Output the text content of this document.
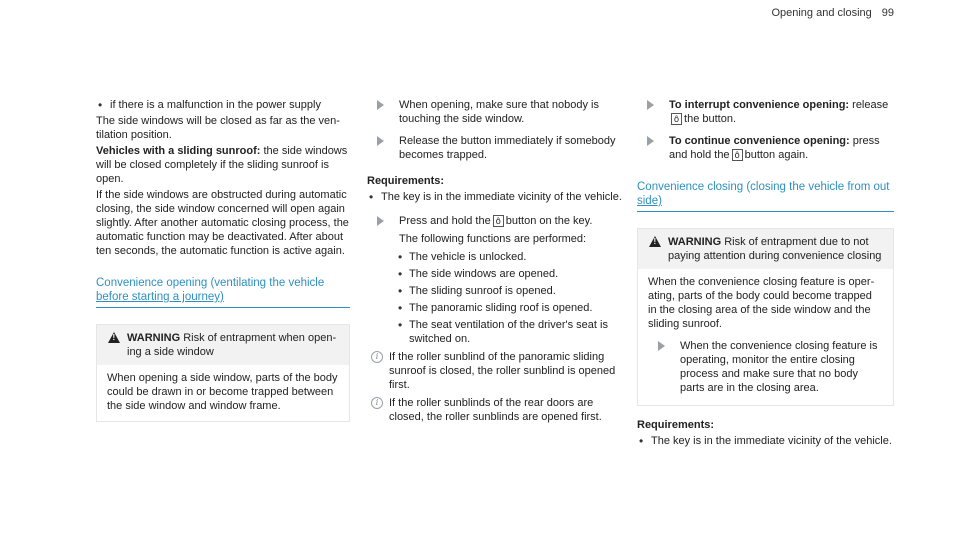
Opening and closing 99
• if there is a malfunction in the power supply

The side windows will be closed as far as the ventilation position.

Vehicles with a sliding sunroof: the side windows will be closed completely if the sliding sunroof is open.

If the side windows are obstructed during automatic closing, the side window concerned will open again slightly. After another automatic closing process, the automatic function may be deactivated. After about ten seconds, the automatic function is active again.

Convenience opening (ventilating the vehicle
before starting a journey)
!
WARNING Risk of entrapment when opening a side window
When opening a side window, parts of the body could be drawn in or become trapped between the side window and window frame.
When opening, make sure that nobody is touching the side window.
Release the button immediately if somebody becomes trapped.

Requirements:

• The key is in the immediate vicinity of the vehicle.
Press and hold the ô button on the key.

The following functions are performed:

• The vehicle is unlocked.
• The side windows are opened.
• The sliding sunroof is opened.
• The panoramic sliding roof is opened.
• The seat ventilation of the driver's seat is switched on.
i If the roller sunblind of the panoramic sliding sunroof is closed, the roller sunblind is opened first.
i If the roller sunblinds of the rear doors are closed, the roller sunblinds are opened first.
To interrupt convenience opening: release
ô the button.
To continue convenience opening: press and hold the ô button again.
Convenience closing (closing the vehicle from out
side)
!
WARNING Risk of entrapment due to not paying attention during convenience closing
When the convenience closing feature is operating, parts of the body could become trapped in the closing area of the side window and the sliding sunroof.
When the convenience closing feature is operating, monitor the entire closing process and make sure that no body parts are in the closing area.

Requirements:

• The key is in the immediate vicinity of the vehicle.
